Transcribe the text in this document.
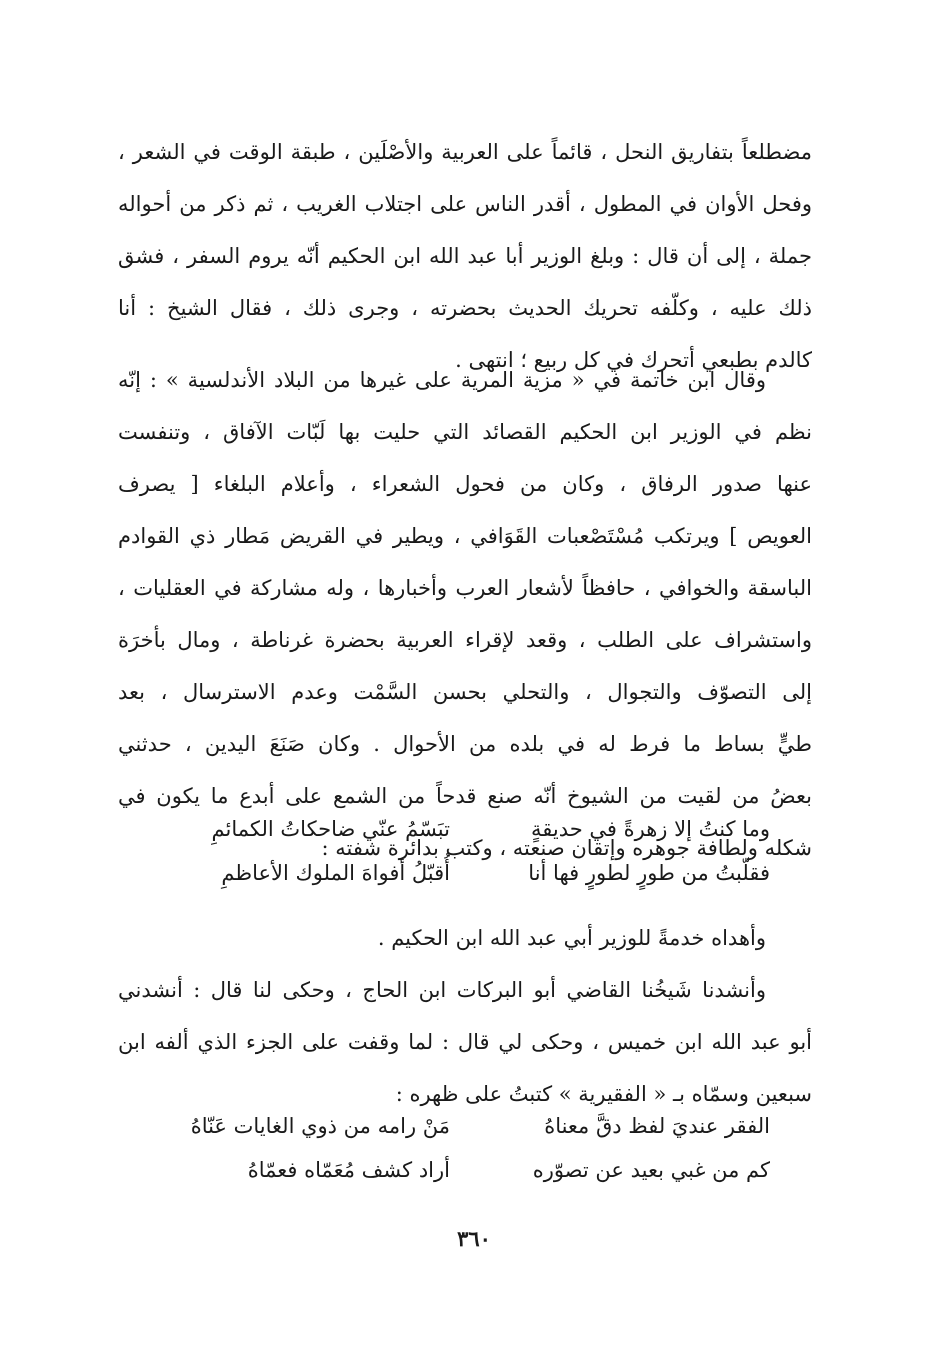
مضطلعاً بتفاريق النحل ، قائماً على العربية والأصْلَين ، طبقة الوقت في الشعر ،
وفحل الأوان في المطول ، أقدر الناس على اجتلاب الغريب ، ثم ذكر من أحواله
جملة ، إلى أن قال : وبلغ الوزير أبا عبد الله ابن الحكيم أنّه يروم السفر ، فشق
ذلك عليه ، وكلّفه تحريك الحديث بحضرته ، وجرى ذلك ، فقال الشيخ : أنا
كالدم بطبعي أتحرك في كل ربيع ؛ انتهى .
وقال ابن خاتمة في « مزية المرية على غيرها من البلاد الأندلسية » : إنّه
نظم في الوزير ابن الحكيم القصائد التي حليت بها لَبّات الآفاق ، وتنفست
عنها صدور الرفاق ، وكان من فحول الشعراء ، وأعلام البلغاء [ يصرف
العويص ] ويرتكب مُسْتَصْعبات القَوَافي ، ويطير في القريض مَطار ذي القوادم
الباسقة والخوافي ، حافظاً لأشعار العرب وأخبارها ، وله مشاركة في العقليات ،
واستشراف على الطلب ، وقعد لإقراء العربية بحضرة غرناطة ، ومال بأخرَة
إلى التصوّف والتجوال ، والتحلي بحسن السَّمْت وعدم الاسترسال ، بعد
طيٍّ بساط ما فرط له في بلده من الأحوال . وكان صَنَعَ اليدين ، حدثني
بعضُ من لقيت من الشيوخ أنّه صنع قدحاً من الشمع على أبدع ما يكون في
شكله ولطافة جوهره وإتقان صنعته ، وكتب بدائرة شفته :
وما كنتُ إلا زهرةً في حديقةٍ
تبَسّمُ عنّي ضاحكاتُ الكمائمِ
فقلّبتُ من طورٍ لطورٍ فها أنا
أُقبّلُ أفواهَ الملوك الأعاظمِ
وأهداه خدمةً للوزير أبي عبد الله ابن الحكيم .
وأنشدنا شَيخُنا القاضي أبو البركات ابن الحاج ، وحكى لنا قال : أنشدني
أبو عبد الله ابن خميس ، وحكى لي قال : لما وقفت على الجزء الذي ألفه ابن
سبعين وسمّاه بـ « الفقيرية » كتبتُ على ظهره :
الفقر عنديَ لفظ دقَّ معناهُ
مَنْ رامه من ذوي الغايات عَنّاهُ
كم من غبي بعيد عن تصوّره
أراد كشف مُعَمّاه فعمّاهُ
٣٦٠
